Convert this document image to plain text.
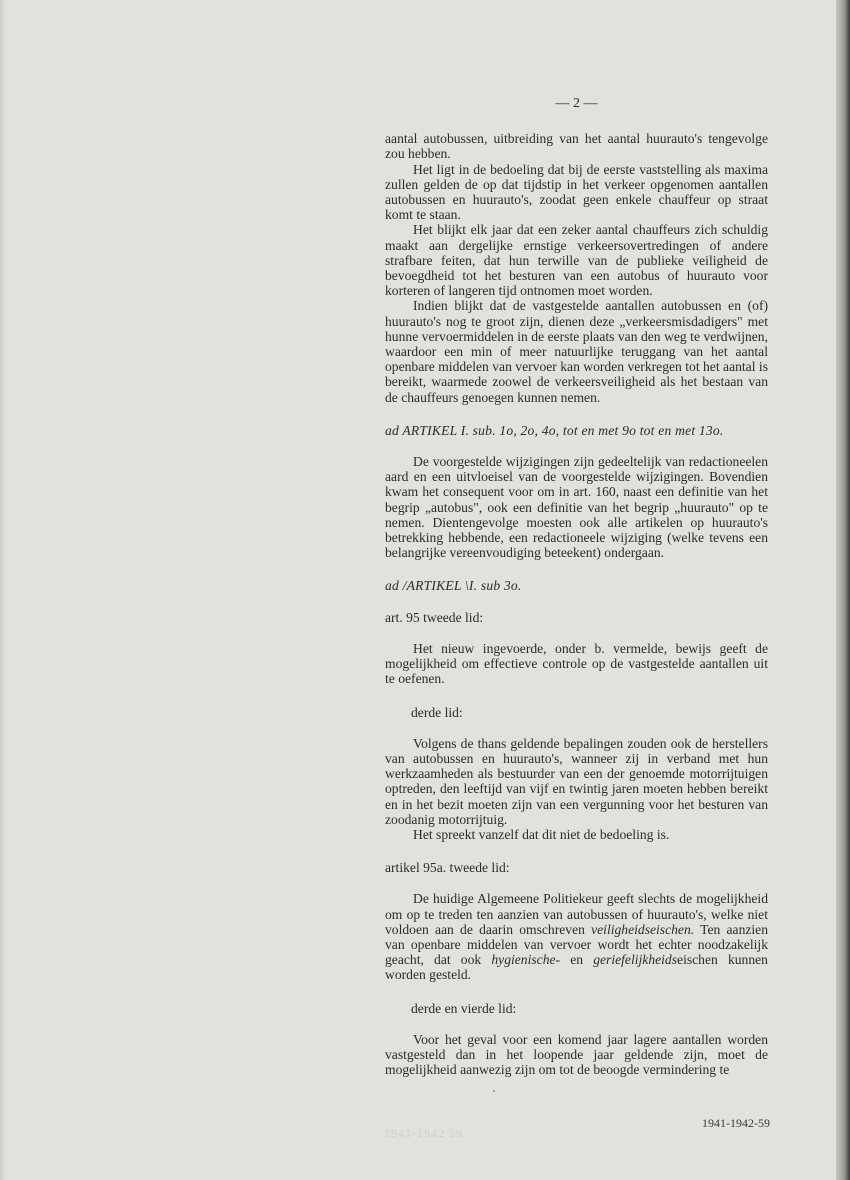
— 2 —

aantal autobussen, uitbreiding van het aantal huurauto's tengevolge zou hebben.

Het ligt in de bedoeling dat bij de eerste vaststelling als maxima zullen gelden de op dat tijdstip in het verkeer opgenomen aantallen autobussen en huurauto's, zoodat geen enkele chauffeur op straat komt te staan.

Het blijkt elk jaar dat een zeker aantal chauffeurs zich schuldig maakt aan dergelijke ernstige verkeersovertredingen of andere strafbare feiten, dat hun terwille van de publieke veiligheid de bevoegdheid tot het besturen van een autobus of huurauto voor korteren of langeren tijd ontnomen moet worden.

Indien blijkt dat de vastgestelde aantallen autobussen en (of) huurauto's nog te groot zijn, dienen deze „verkeersmisdadigers" met hunne vervoermiddelen in de eerste plaats van den weg te verdwijnen, waardoor een min of meer natuurlijke teruggang van het aantal openbare middelen van vervoer kan worden verkregen tot het aantal is bereikt, waarmede zoowel de verkeersveiligheid als het bestaan van de chauffeurs genoegen kunnen nemen.

ad ARTIKEL I. sub. 1o, 2o, 4o, tot en met 9o tot en met 13o.

De voorgestelde wijzigingen zijn gedeeltelijk van redactioneelen aard en een uitvloeisel van de voorgestelde wijzigingen. Bovendien kwam het consequent voor om in art. 160, naast een definitie van het begrip „autobus", ook een definitie van het begrip „huurauto" op te nemen. Dientengevolge moesten ook alle artikelen op huurauto's betrekking hebbende, een redactioneele wijziging (welke tevens een belangrijke vereenvoudiging beteekent) ondergaan.

ad /ARTIKEL \I. sub 3o.
art. 95 tweede lid:

Het nieuw ingevoerde, onder b. vermelde, bewijs geeft de mogelijkheid om effectieve controle op de vastgestelde aantallen uit te oefenen.

derde lid:

Volgens de thans geldende bepalingen zouden ook de herstellers van autobussen en huurauto's, wanneer zij in verband met hun werkzaamheden als bestuurder van een der genoemde motorrijtuigen optreden, den leeftijd van vijf en twintig jaren moeten hebben bereikt en in het bezit moeten zijn van een vergunning voor het besturen van zoodanig motorrijtuig.

Het spreekt vanzelf dat dit niet de bedoeling is.

artikel 95a. tweede lid:

De huidige Algemeene Politiekeur geeft slechts de mogelijkheid om op te treden ten aanzien van autobussen of huurauto's, welke niet voldoen aan de daarin omschreven veiligheidseischen. Ten aanzien van openbare middelen van vervoer wordt het echter noodzakelijk geacht, dat ook hygienische- en geriefelijkheidseischen kunnen worden gesteld.

derde en vierde lid:

Voor het geval voor een komend jaar lagere aantallen worden vastgesteld dan in het loopende jaar geldende zijn, moet de mogelijkheid aanwezig zijn om tot de beoogde vermindering te

1941-1942 59.
1941-1942-59
